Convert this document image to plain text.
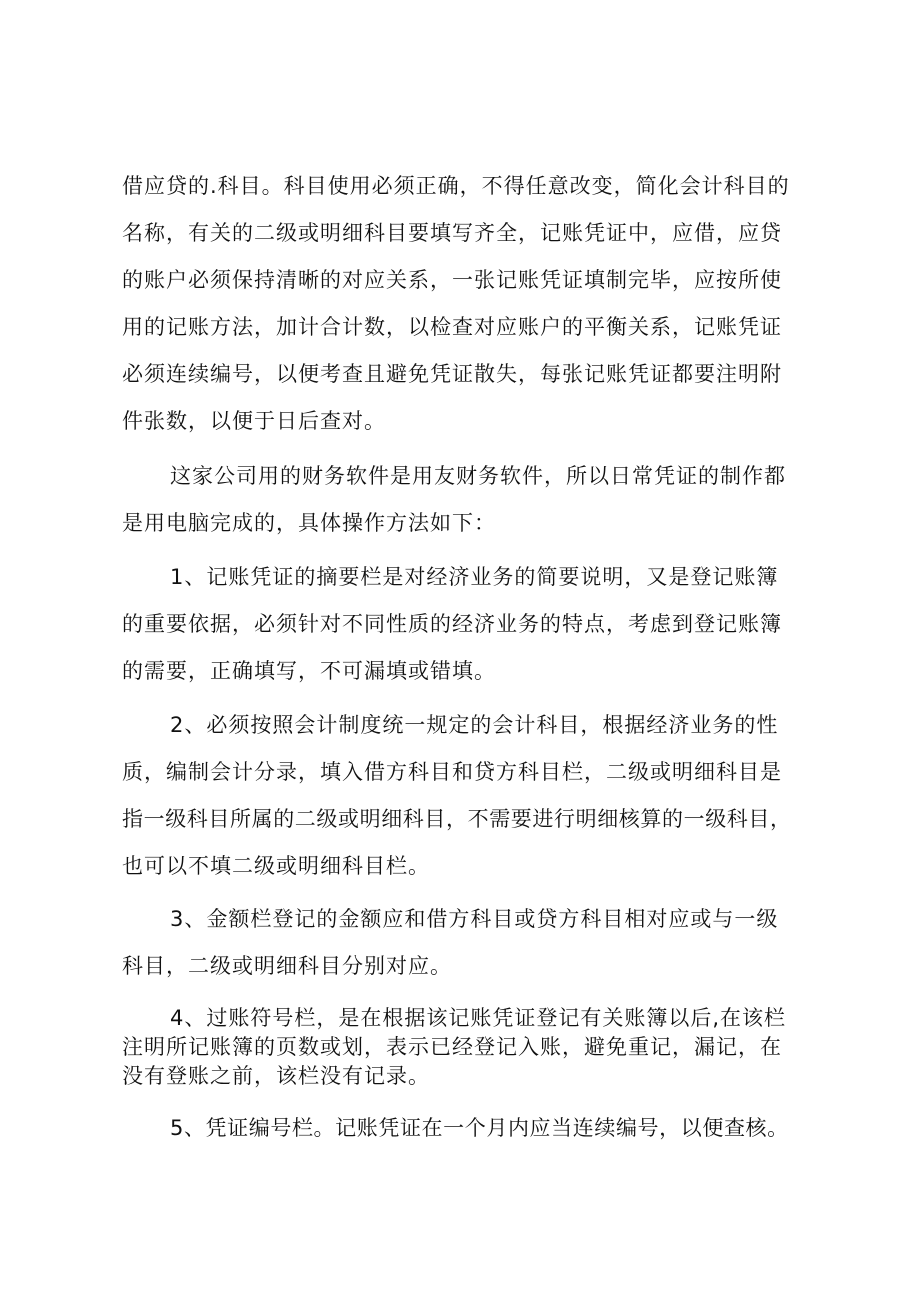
借应贷的.科目。科目使用必须正确，不得任意改变，简化会计科目的
名称，有关的二级或明细科目要填写齐全，记账凭证中，应借，应贷
的账户必须保持清晰的对应关系，一张记账凭证填制完毕，应按所使
用的记账方法，加计合计数，以检查对应账户的平衡关系，记账凭证
必须连续编号，以便考查且避免凭证散失，每张记账凭证都要注明附
件张数，以便于日后查对。
这家公司用的财务软件是用友财务软件，所以日常凭证的制作都
是用电脑完成的，具体操作方法如下：
1、记账凭证的摘要栏是对经济业务的简要说明，又是登记账簿
的重要依据，必须针对不同性质的经济业务的特点，考虑到登记账簿
的需要，正确填写，不可漏填或错填。
2、必须按照会计制度统一规定的会计科目，根据经济业务的性
质，编制会计分录，填入借方科目和贷方科目栏，二级或明细科目是
指一级科目所属的二级或明细科目，不需要进行明细核算的一级科目，
也可以不填二级或明细科目栏。
3、金额栏登记的金额应和借方科目或贷方科目相对应或与一级
科目，二级或明细科目分别对应。
4、过账符号栏，是在根据该记账凭证登记有关账簿以后,在该栏
注明所记账簿的页数或划，表示已经登记入账，避免重记，漏记，在
没有登账之前，该栏没有记录。
5、凭证编号栏。记账凭证在一个月内应当连续编号，以便查核。
